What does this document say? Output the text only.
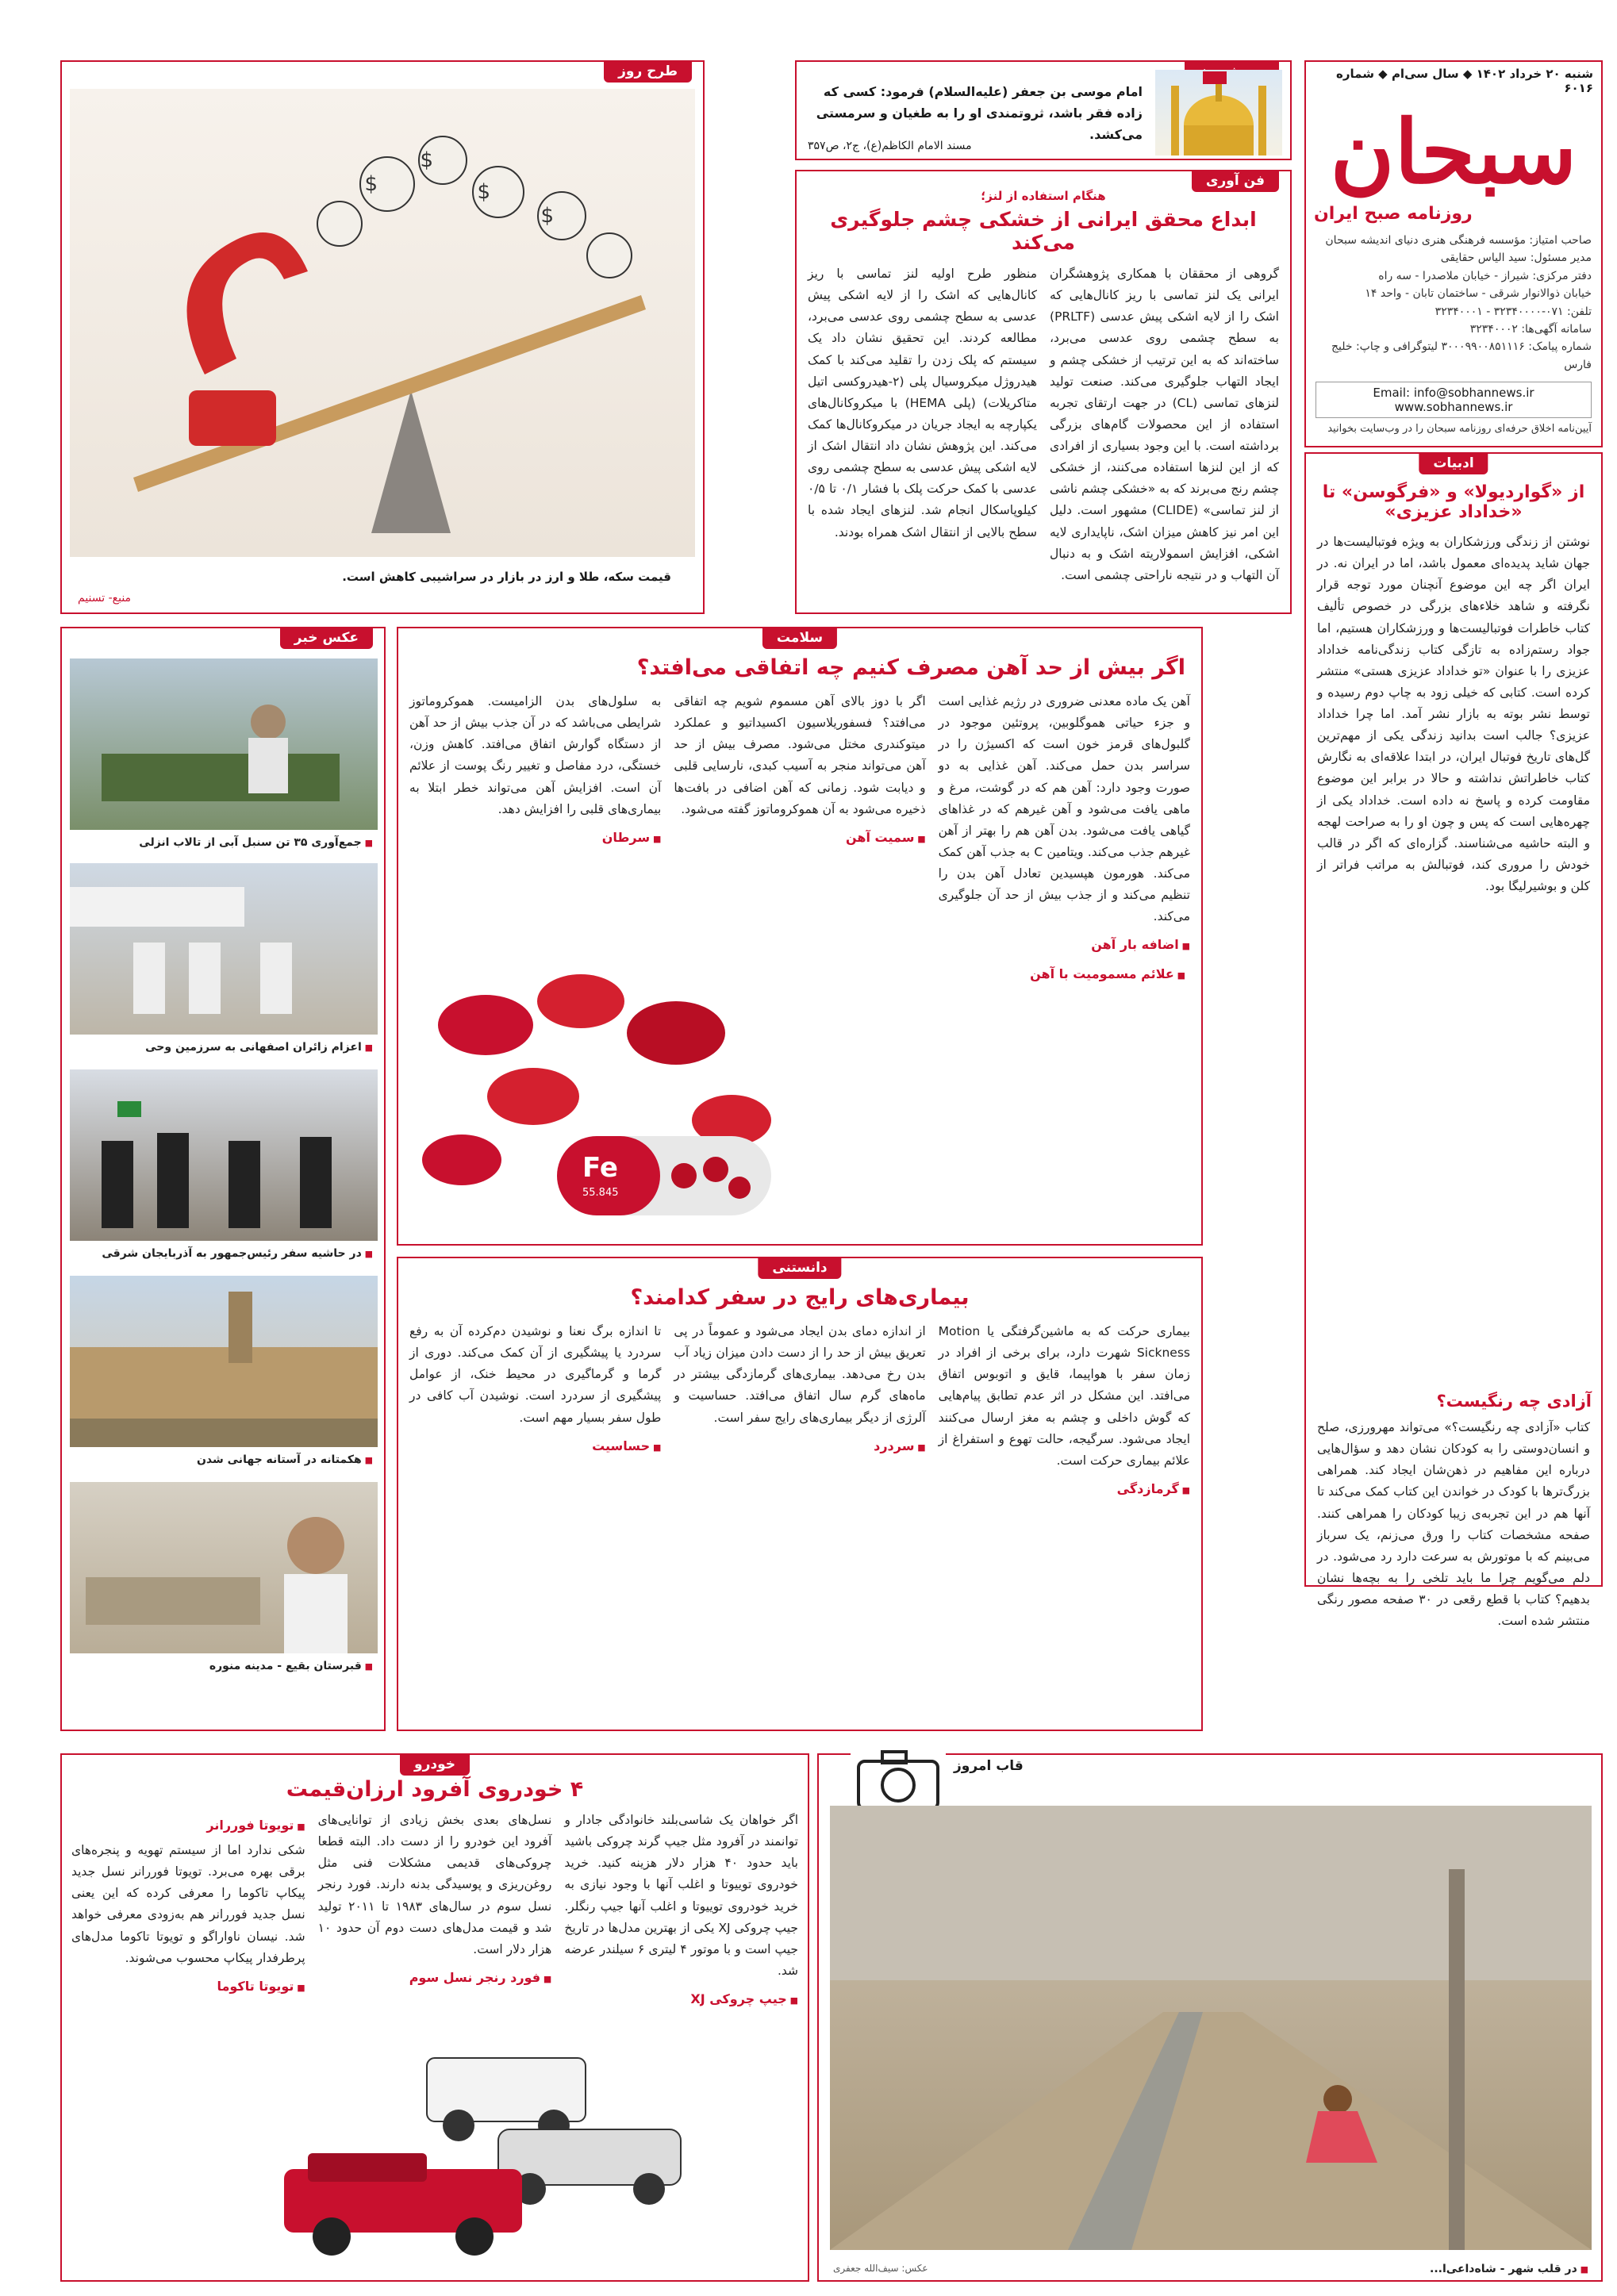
شنبه ۲۰ خرداد ۱۴۰۲ ◆ سال سی‌ام ◆ شماره ۶۰۱۶
سبحان
روزنامه صبح ایران
صاحب امتیاز: مؤسسه فرهنگی هنری دنیای اندیشه سبحان
مدیر مسئول: سید الیاس حقایقی
دفتر مرکزی: شیراز - خیابان ملاصدرا - سه راه
خیابان ذوالانوار شرقی - ساختمان تابان - واحد ۱۴
تلفن: ۰۷۱-۳۲۳۴۰۰۰۰ - ۳۲۳۴۰۰۰۱
سامانه آگهی‌ها: ۳۲۳۴۰۰۰۲
شماره پیامک: ۳۰۰۰۹۹۰۰۸۵۱۱۱۶ لیتوگرافی و چاپ: خلیج فارس
Email: info@sobhannews.ir www.sobhannews.ir
آیین‌نامه اخلاق حرفه‌ای روزنامه سبحان را در وب‌سایت بخوانید
امام موسی بن جعفر (علیه‌السلام) فرمود: کسی که زاده فقر باشد، ثروتمندی او را به طغیان و سرمستی می‌کشد.
مسند الامام الکاظم(ع)، ج۲، ص۳۵۷
فن آوری
هنگام استفاده از لنز؛
ابداع محقق ایرانی از خشکی چشم جلوگیری می‌کند
گروهی از محققان با همکاری پژوهشگران ایرانی یک لنز تماسی با ریز کانال‌هایی که اشک را از لایه اشکی پیش عدسی (PRLTF) به سطح چشمی روی عدسی می‌برد، ساخته‌اند که به این ترتیب از خشکی چشم و ایجاد التهاب جلوگیری می‌کند. صنعت تولید لنزهای تماسی (CL) در جهت ارتقای تجربه استفاده از این محصولات گام‌های بزرگی برداشته است. با این وجود بسیاری از افرادی که از این لنزها استفاده می‌کنند، از خشکی چشم رنج می‌برند که به «خشکی چشم ناشی از لنز تماسی» (CLIDE) مشهور است. دلیل این امر نیز کاهش میزان اشک، ناپایداری لایه اشکی، افزایش اسمولاریته اشک و به دنبال آن التهاب و در نتیجه ناراحتی چشمی است.
منظور طرح اولیه لنز تماسی با ریز کانال‌هایی که اشک را از لایه اشکی پیش عدسی به سطح چشمی روی عدسی می‌برد، مطالعه کردند. این تحقیق نشان داد یک سیستم که پلک زدن را تقلید می‌کند با کمک هیدروژل میکروسیال پلی (۲-هیدروکسی اتیل متاکریلات) (پلی HEMA) با میکروکانال‌های یکپارچه به ایجاد جریان در میکروکانال‌ها کمک می‌کند. این پژوهش نشان داد انتقال اشک از لایه اشکی پیش عدسی به سطح چشمی روی عدسی با کمک حرکت پلک با فشار ۰/۱ تا ۰/۵ کیلوپاسکال انجام شد. لنزهای ایجاد شده با سطح بالایی از انتقال اشک همراه بودند.
طرح روز
$
$
$
$
قیمت سکه، طلا و ارز در بازار در سراشیبی کاهش است.
منبع- تسنیم
ادبیات
از «گواردیولا» و «فرگوسن» تا «خداداد عزیزی»
نوشتن از زندگی ورزشکاران به ویژه فوتبالیست‌ها در جهان شاید پدیده‌ای معمول باشد، اما در ایران نه. در ایران اگر چه این موضوع آنچنان مورد توجه قرار نگرفته و شاهد خلاء‌های بزرگی در خصوص تألیف کتاب خاطرات فوتبالیست‌ها و ورزشکاران هستیم، اما جواد رستم‌زاده به تازگی کتاب زندگی‌نامه خداداد عزیزی را با عنوان «تو خداداد عزیزی هستی» منتشر کرده است. کتابی که خیلی زود به چاپ دوم رسیده و توسط نشر بوته به بازار نشر آمد. اما چرا خداداد عزیزی؟ جالب است بدانید زندگی یکی از مهم‌ترین گل‌های تاریخ فوتبال ایران، در ابتدا علاقه‌ای به نگارش کتاب خاطراتش نداشته و حالا در برابر این موضوع مقاومت کرده و پاسخ نه داده است. خداداد یکی از چهره‌هایی است که پس و چون او را به صراحت لهجه و البته حاشیه می‌شناسند. گزاره‌ای که اگر در قالب خودش را مروری کند، فوتبالش به مراتب فراتر از کلن و بوشیرلیگا بود.
آزادی چه رنگیست؟
کتاب «آزادی چه رنگیست؟» می‌تواند مهرورزی، صلح و انسان‌دوستی را به کودکان نشان دهد و سؤال‌هایی درباره این مفاهیم در ذهن‌شان ایجاد کند. همراهی بزرگ‌ترها با کودک در خواندن این کتاب کمک می‌کند تا آنها هم در این تجربه‌ی زیبا کودکان را همراهی کنند. صفحه مشخصات کتاب را ورق می‌زنم، یک سرباز می‌بینم که با موتورش به سرعت دارد رد می‌شود. در دلم می‌گویم چرا ما باید تلخی را به بچه‌ها نشان بدهیم؟ کتاب با قطع رقعی در ۳۰ صفحه مصور رنگی منتشر شده است.
عکس خبر
■ جمع‌آوری ۳۵ تن سنبل آبی از تالاب انزلی
■ اعزام زائران اصفهانی به سرزمین وحی
■ در حاشیه سفر رئیس‌جمهور به آذربایجان شرقی
■ هکمتانه در آستانه جهانی شدن
■ قبرستان بقیع - مدینه منوره
سلامت
اگر بیش از حد آهن مصرف کنیم چه اتفاقی می‌افتد؟

آهن یک ماده معدنی ضروری در رژیم غذایی است و جزء حیاتی هموگلوبین، پروتئین موجود در گلبول‌های قرمز خون است که اکسیژن را در سراسر بدن حمل می‌کند. آهن غذایی به دو صورت وجود دارد: آهن هم که در گوشت، مرغ و ماهی یافت می‌شود و آهن غیرهم که در غذاهای گیاهی یافت می‌شود. بدن آهن هم را بهتر از آهن غیرهم جذب می‌کند. ویتامین C به جذب آهن کمک می‌کند. هورمون هپسیدین تعادل آهن بدن را تنظیم می‌کند و از جذب بیش از حد آن جلوگیری می‌کند.

■ اضافه بار آهن

اگر با دوز بالای آهن مسموم شویم چه اتفاقی می‌افتد؟ فسفوریلاسیون اکسیداتیو و عملکرد میتوکندری مختل می‌شود. مصرف بیش از حد آهن می‌تواند منجر به آسیب کبدی، نارسایی قلبی و دیابت شود. زمانی که آهن اضافی در بافت‌ها ذخیره می‌شود به آن هموکروماتوز گفته می‌شود.

■ سمیت آهن

به سلول‌های بدن الزامیست. هموکروماتوز شرایطی می‌باشد که در آن جذب بیش از حد آهن از دستگاه گوارش اتفاق می‌افتد. کاهش وزن، خستگی، درد مفاصل و تغییر رنگ پوست از علائم آن است. افزایش آهن می‌تواند خطر ابتلا به بیماری‌های قلبی را افزایش دهد.

■ سرطان
■ علائم مسمومیت با آهن
Fe
55.845
دانستنی
بیماری‌های رایج در سفر کدامند؟

بیماری حرکت که به ماشین‌گرفتگی یا Motion Sickness شهرت دارد، برای برخی از افراد در زمان سفر با هواپیما، قایق و اتوبوس اتفاق می‌افتد. این مشکل در اثر عدم تطابق پیام‌هایی که گوش داخلی و چشم به مغز ارسال می‌کنند ایجاد می‌شود. سرگیجه، حالت تهوع و استفراغ از علائم بیماری حرکت است.

■ گرمازدگی

از اندازه دمای بدن ایجاد می‌شود و عموماً در پی تعریق بیش از حد را از دست دادن میزان زیاد آب بدن رخ می‌دهد. بیماری‌های گرمازدگی بیشتر در ماه‌های گرم سال اتفاق می‌افتد. حساسیت و آلرژی از دیگر بیماری‌های رایج سفر است.

■ سردرد

تا اندازه برگ نعنا و نوشیدن دم‌کرده آن به رفع سردرد یا پیشگیری از آن کمک می‌کند. دوری از گرما و گرماگیری در محیط خنک، از عوامل پیشگیری از سردرد است. نوشیدن آب کافی در طول سفر بسیار مهم است.

■ حساسیت
قاب امروز
■ در قلب شهر - شاه‌داعی‌ا...
عکس: سیف‌الله جعفری
خودرو
۴ خودروی آفرود ارزان‌قیمت

اگر خواهان یک شاسی‌بلند خانوادگی جادار و توانمند در آفرود مثل جیپ گرند چروکی باشید باید حدود ۴۰ هزار دلار هزینه کنید. خرید خودروی توییوتا و اغلب آنها با وجود نیازی به خرید خودروی توییوتا و اغلب آنها جیپ رنگلر. جیپ چروکی XJ یکی از بهترین مدل‌ها در تاریخ جیپ است و با موتور ۴ لیتری ۶ سیلندر عرضه شد.

■ جیپ چروکی XJ

نسل‌های بعدی بخش زیادی از توانایی‌های آفرود این خودرو را از دست داد. البته قطعا چروکی‌های قدیمی مشکلات فنی مثل روغن‌ریزی و پوسیدگی بدنه دارند. فورد رنجر نسل سوم در سال‌های ۱۹۸۳ تا ۲۰۱۱ تولید شد و قیمت مدل‌های دست دوم آن حدود ۱۰ هزار دلار است.

■ فورد رنجر نسل سوم
■ تویوتا فوررانر

شکی ندارد اما از سیستم تهویه و پنجره‌های برقی بهره می‌برد. تویوتا فوررانر نسل جدید پیکاپ تاکوما را معرفی کرده که این یعنی نسل جدید فوررانر هم به‌زودی معرفی خواهد شد. نیسان ناواراگو و تویوتا تاکوما مدل‌های پرطرفدار پیکاپ محسوب می‌شوند.

■ تویوتا تاکوما
